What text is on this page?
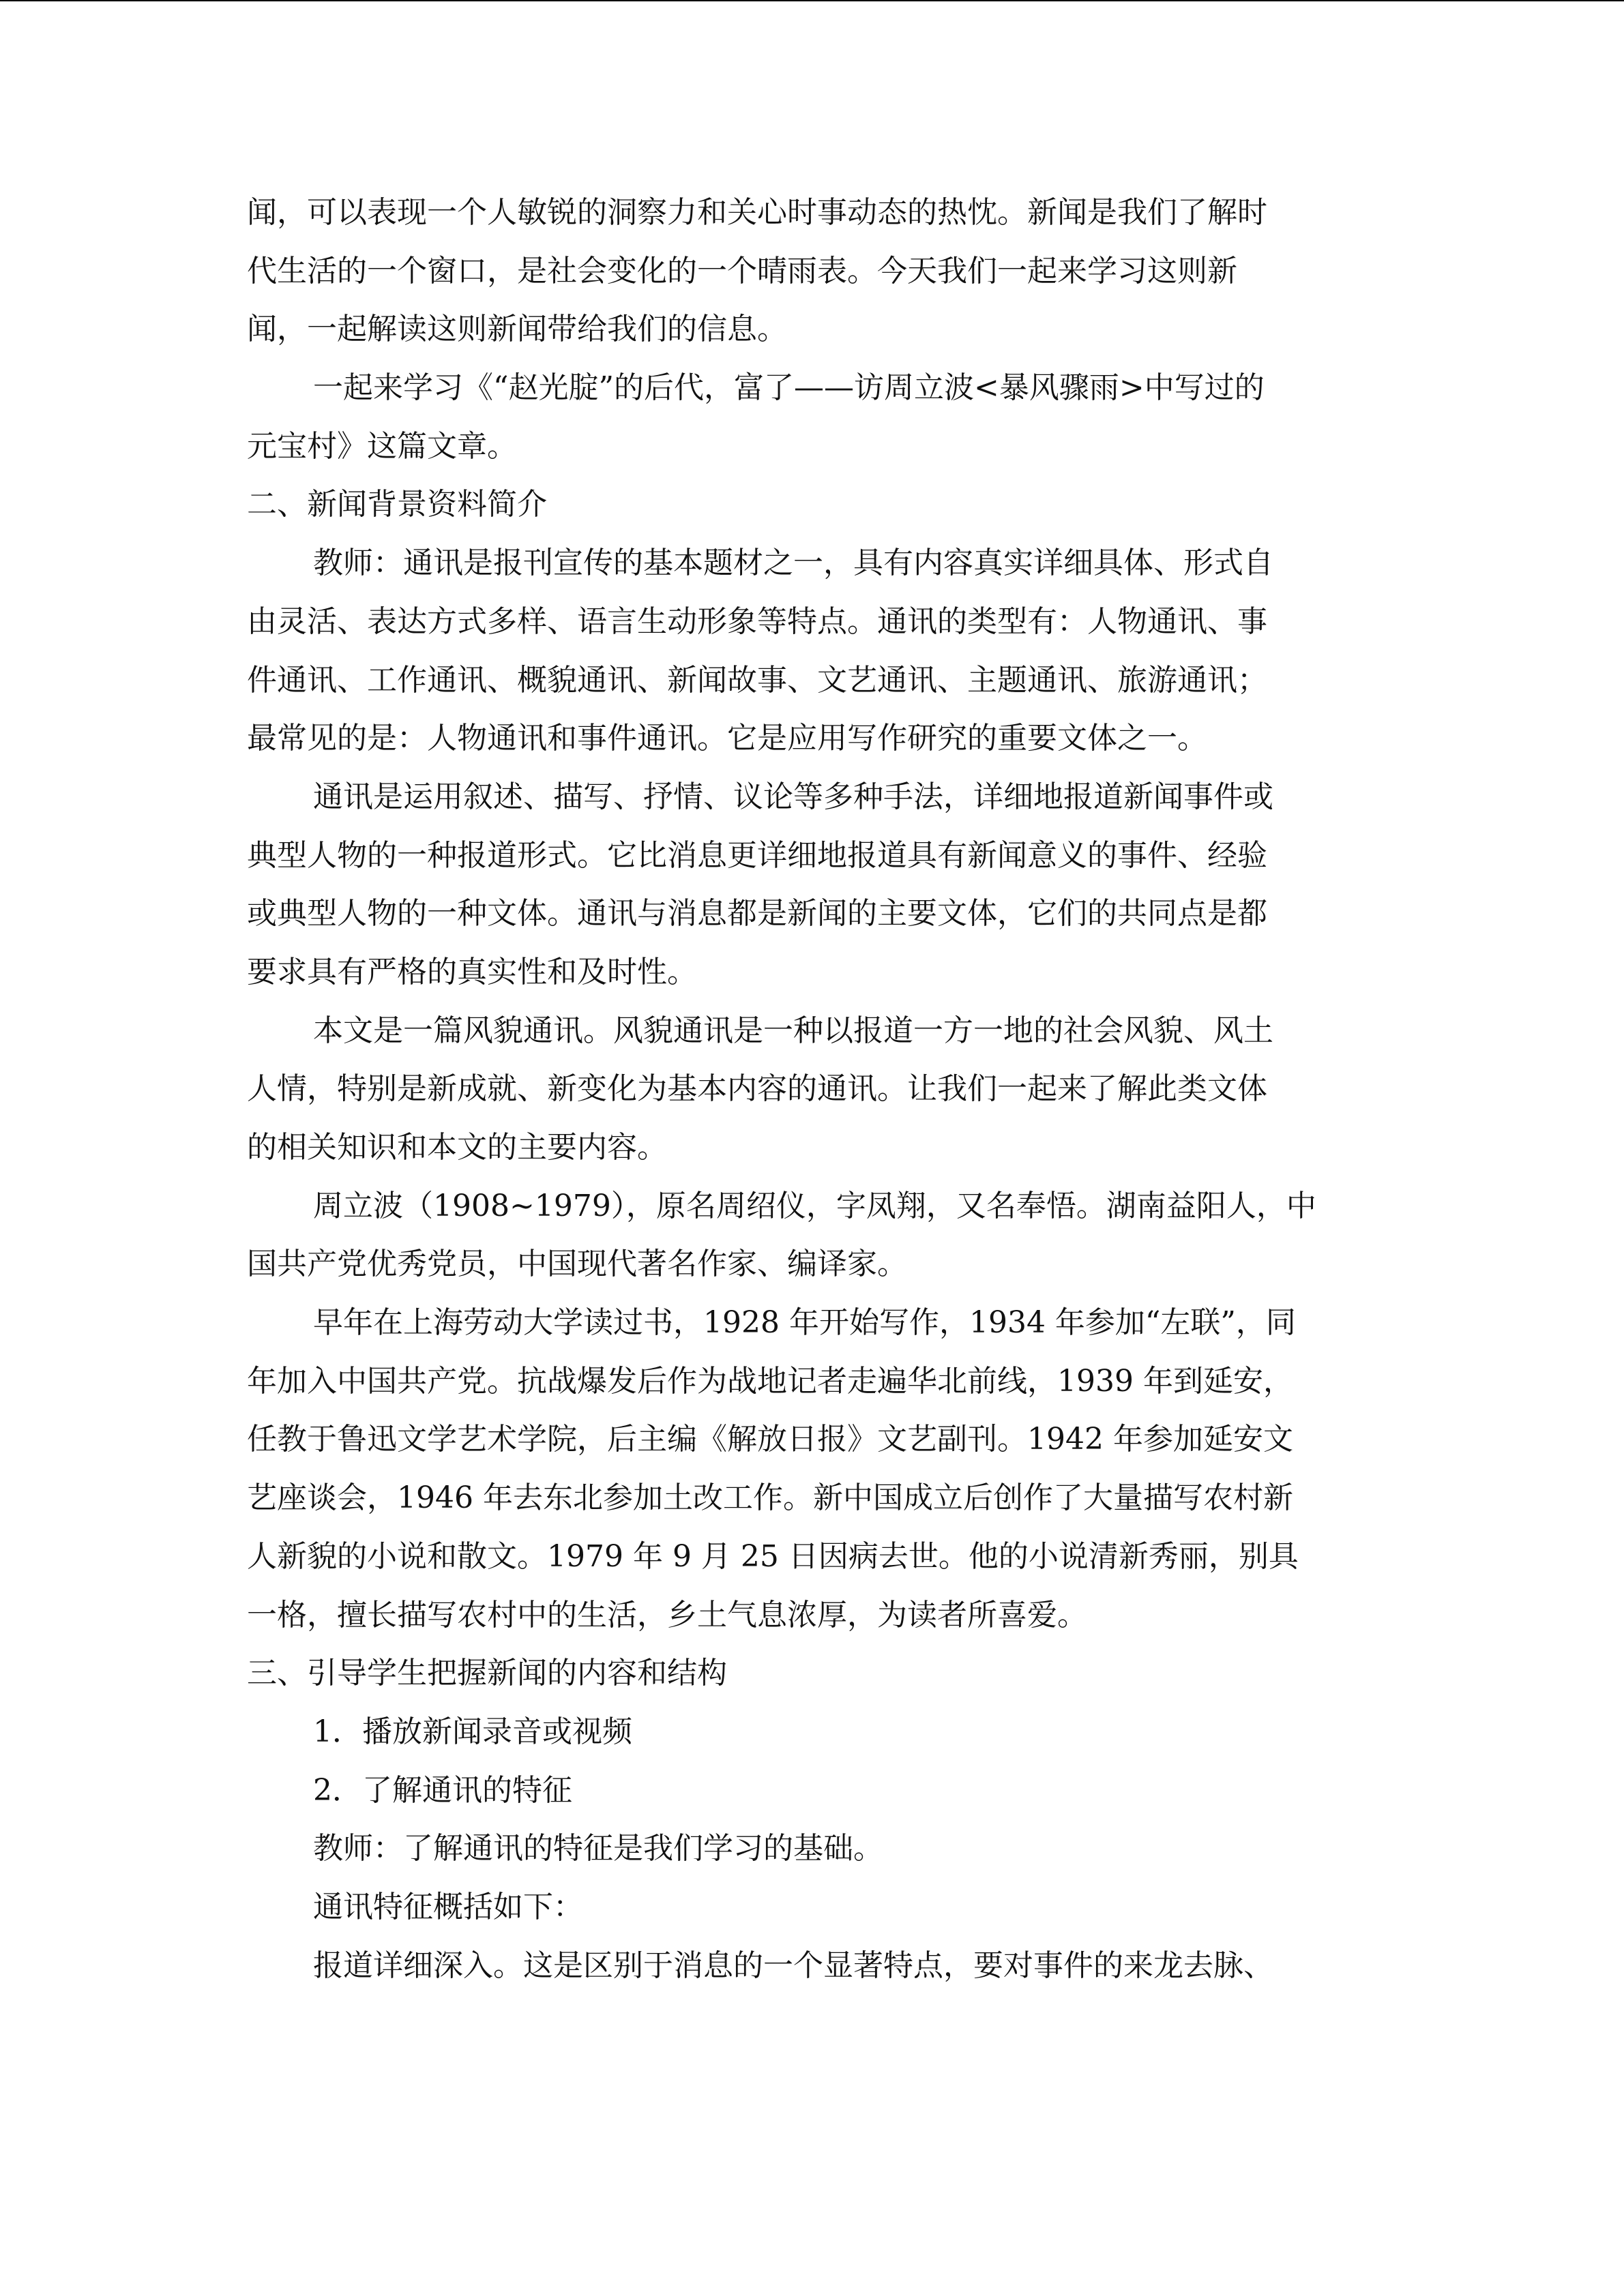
闻，可以表现一个人敏锐的洞察力和关心时事动态的热忱。新闻是我们了解时
代生活的一个窗口，是社会变化的一个晴雨表。今天我们一起来学习这则新
闻，一起解读这则新闻带给我们的信息。
一起来学习《“赵光腚”的后代，富了——访周立波<暴风骤雨>中写过的
元宝村》这篇文章。
二、新闻背景资料简介
教师：通讯是报刊宣传的基本题材之一，具有内容真实详细具体、形式自
由灵活、表达方式多样、语言生动形象等特点。通讯的类型有：人物通讯、事
件通讯、工作通讯、概貌通讯、新闻故事、文艺通讯、主题通讯、旅游通讯；
最常见的是：人物通讯和事件通讯。它是应用写作研究的重要文体之一。
通讯是运用叙述、描写、抒情、议论等多种手法，详细地报道新闻事件或
典型人物的一种报道形式。它比消息更详细地报道具有新闻意义的事件、经验
或典型人物的一种文体。通讯与消息都是新闻的主要文体，它们的共同点是都
要求具有严格的真实性和及时性。
本文是一篇风貌通讯。风貌通讯是一种以报道一方一地的社会风貌、风土
人情，特别是新成就、新变化为基本内容的通讯。让我们一起来了解此类文体
的相关知识和本文的主要内容。
周立波（1908~1979），原名周绍仪，字凤翔，又名奉悟。湖南益阳人，中
国共产党优秀党员，中国现代著名作家、编译家。
早年在上海劳动大学读过书，1928 年开始写作，1934 年参加“左联”，同
年加入中国共产党。抗战爆发后作为战地记者走遍华北前线，1939 年到延安，
任教于鲁迅文学艺术学院，后主编《解放日报》文艺副刊。1942 年参加延安文
艺座谈会，1946 年去东北参加土改工作。新中国成立后创作了大量描写农村新
人新貌的小说和散文。1979 年 9 月 25 日因病去世。他的小说清新秀丽，别具
一格，擅长描写农村中的生活，乡土气息浓厚，为读者所喜爱。
三、引导学生把握新闻的内容和结构
1．播放新闻录音或视频
2．了解通讯的特征
教师：了解通讯的特征是我们学习的基础。
通讯特征概括如下：
报道详细深入。这是区别于消息的一个显著特点，要对事件的来龙去脉、
